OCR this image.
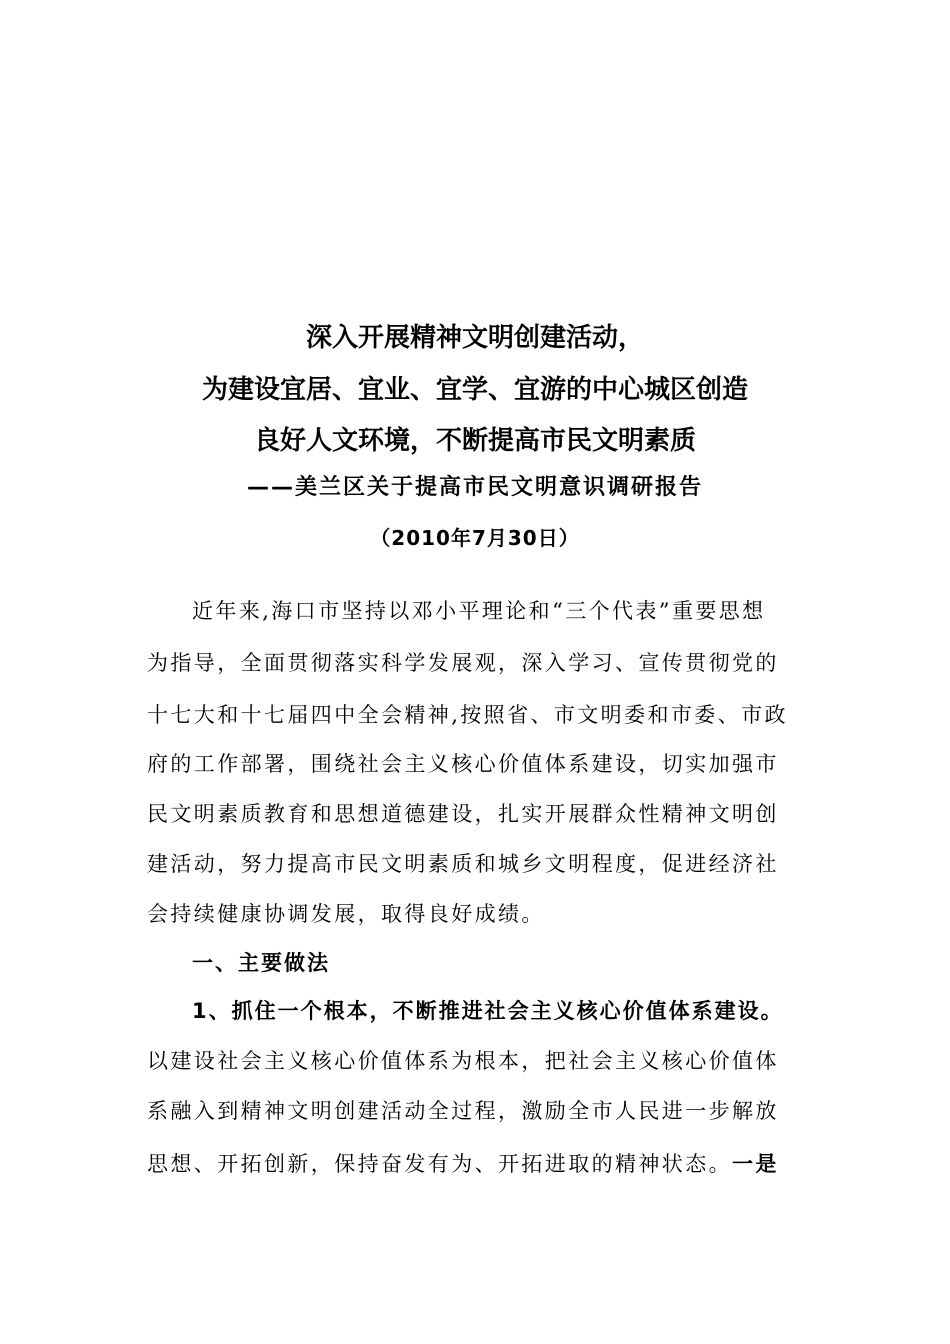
深入开展精神文明创建活动，
为建设宜居、宜业、宜学、宜游的中心城区创造
良好人文环境，不断提高市民文明素质
——美兰区关于提高市民文明意识调研报告
（2010年7月30日）
近年来,海口市坚持以邓小平理论和“三个代表”重要思想
为指导，全面贯彻落实科学发展观，深入学习、宣传贯彻党的
十七大和十七届四中全会精神,按照省、市文明委和市委、市政
府的工作部署，围绕社会主义核心价值体系建设，切实加强市
民文明素质教育和思想道德建设，扎实开展群众性精神文明创
建活动，努力提高市民文明素质和城乡文明程度，促进经济社
会持续健康协调发展，取得良好成绩。
一、主要做法
1、抓住一个根本，不断推进社会主义核心价值体系建设。
以建设社会主义核心价值体系为根本，把社会主义核心价值体
系融入到精神文明创建活动全过程，激励全市人民进一步解放
思想、开拓创新，保持奋发有为、开拓进取的精神状态。一是
